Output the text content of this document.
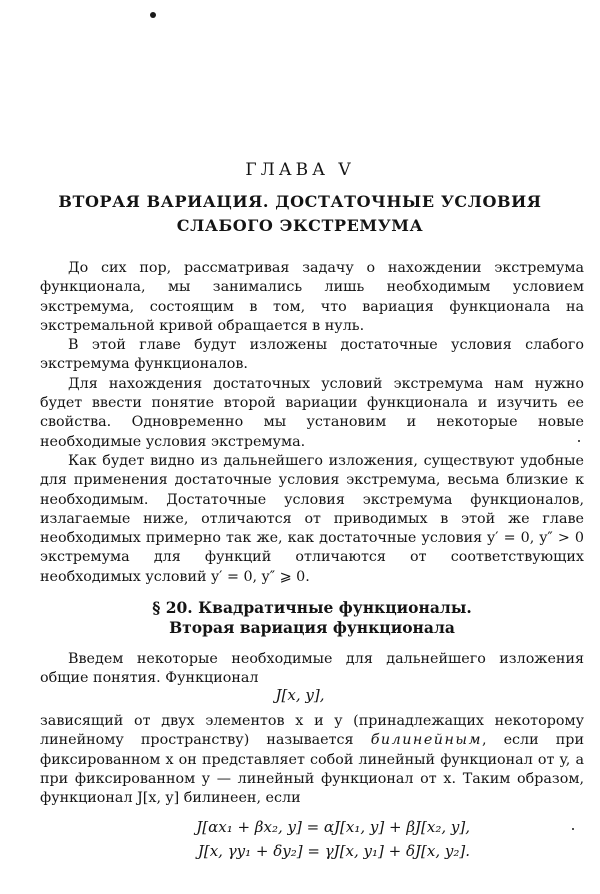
ГЛАВА V
ВТОРАЯ ВАРИАЦИЯ. ДОСТАТОЧНЫЕ УСЛОВИЯ
СЛАБОГО ЭКСТРЕМУМА

До сих пор, рассматривая задачу о нахождении экстремума функционала, мы занимались лишь необходимым условием экстремума, состоящим в том, что вариация функционала на экстремальной кривой обращается в нуль.

В этой главе будут изложены достаточные условия слабого экстремума функционалов.

Для нахождения достаточных условий экстремума нам нужно будет ввести понятие второй вариации функционала и изучить ее свойства. Одновременно мы установим и некоторые новые необходимые условия экстремума.

Как будет видно из дальнейшего изложения, существуют удобные для применения достаточные условия экстремума, весьма близкие к необходимым. Достаточные условия экстремума функционалов, излагаемые ниже, отличаются от приводимых в этой же главе необходимых примерно так же, как достаточные условия y′ = 0, y″ > 0 экстремума для функций отличаются от соответствующих необходимых условий y′ = 0, y″ ⩾ 0.

§ 20. Квадратичные функционалы.
Вторая вариация функционала

Введем некоторые необходимые для дальнейшего изложения общие понятия. Функционал

J[x, y],

зависящий от двух элементов x и y (принадлежащих некоторому линейному пространству) называется билинейным, если при фиксированном x он представляет собой линейный функционал от y, а при фиксированном y — линейный функционал от x. Таким образом, функционал J[x, y] билинеен, если

J[αx₁ + βx₂, y] = αJ[x₁, y] + βJ[x₂, y],
J[x, γy₁ + δy₂] = γJ[x, y₁] + δJ[x, y₂].
